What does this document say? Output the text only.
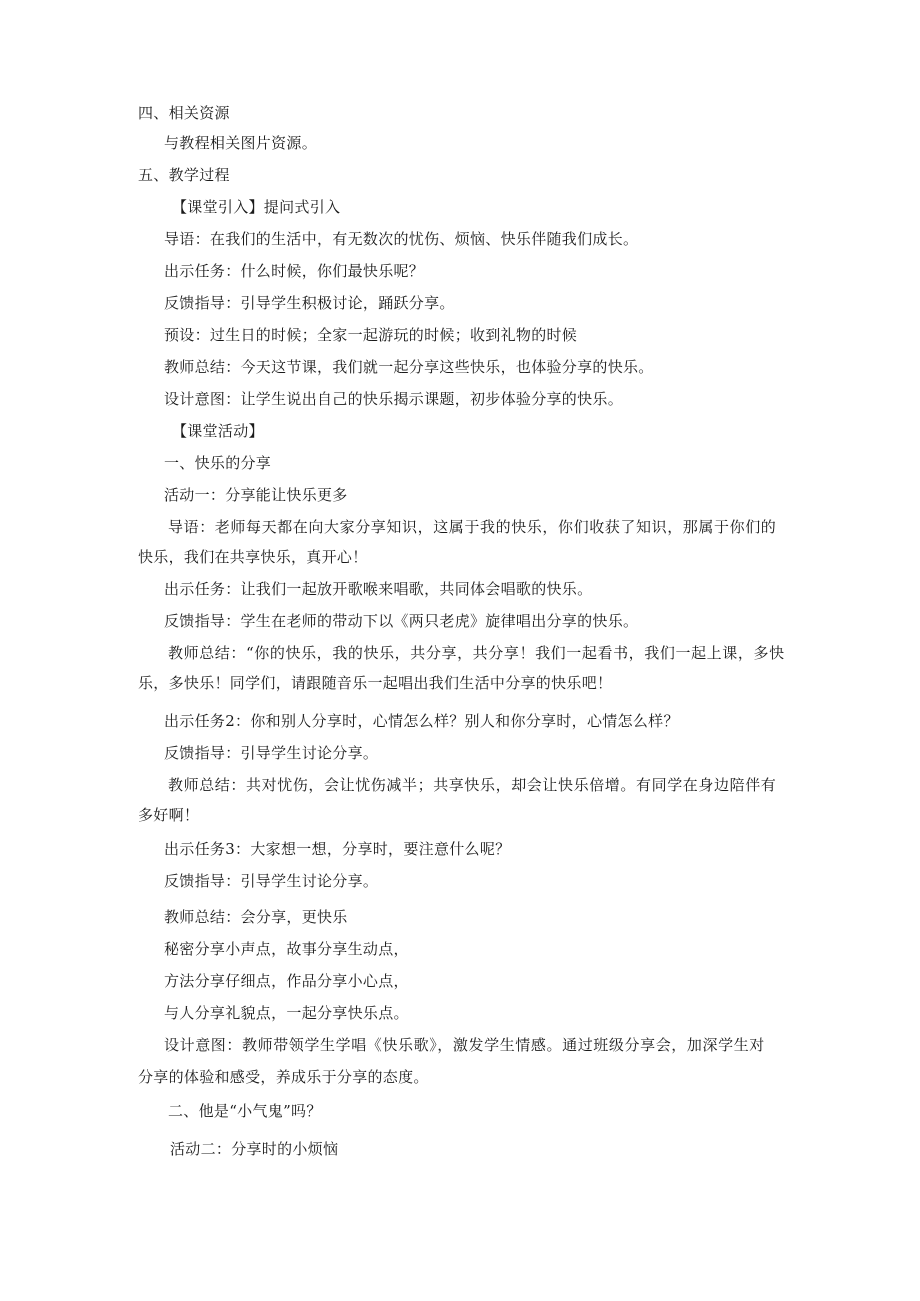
四、相关资源
与教程相关图片资源。
五、教学过程
【课堂引入】提问式引入
导语：在我们的生活中，有无数次的忧伤、烦恼、快乐伴随我们成长。
出示任务：什么时候，你们最快乐呢？
反馈指导：引导学生积极讨论，踊跃分享。
预设：过生日的时候；全家一起游玩的时候；收到礼物的时候
教师总结：今天这节课，我们就一起分享这些快乐，也体验分享的快乐。
设计意图：让学生说出自己的快乐揭示课题，初步体验分享的快乐。
【课堂活动】
一、快乐的分享
活动一：分享能让快乐更多
导语：老师每天都在向大家分享知识，这属于我的快乐，你们收获了知识，那属于你们的
快乐，我们在共享快乐，真开心！
出示任务：让我们一起放开歌喉来唱歌，共同体会唱歌的快乐。
反馈指导：学生在老师的带动下以《两只老虎》旋律唱出分享的快乐。
教师总结：“你的快乐，我的快乐，共分享，共分享！我们一起看书，我们一起上课，多快
乐，多快乐！同学们，请跟随音乐一起唱出我们生活中分享的快乐吧！
出示任务2：你和别人分享时，心情怎么样？别人和你分享时，心情怎么样？
反馈指导：引导学生讨论分享。
教师总结：共对忧伤，会让忧伤减半；共享快乐，却会让快乐倍增。有同学在身边陪伴有
多好啊！
出示任务3：大家想一想，分享时，要注意什么呢？
反馈指导：引导学生讨论分享。
教师总结：会分享，更快乐
秘密分享小声点，故事分享生动点，
方法分享仔细点，作品分享小心点，
与人分享礼貌点，一起分享快乐点。
设计意图：教师带领学生学唱《快乐歌》，激发学生情感。通过班级分享会，加深学生对
分享的体验和感受，养成乐于分享的态度。
二、他是“小气鬼”吗？
活动二：分享时的小烦恼
